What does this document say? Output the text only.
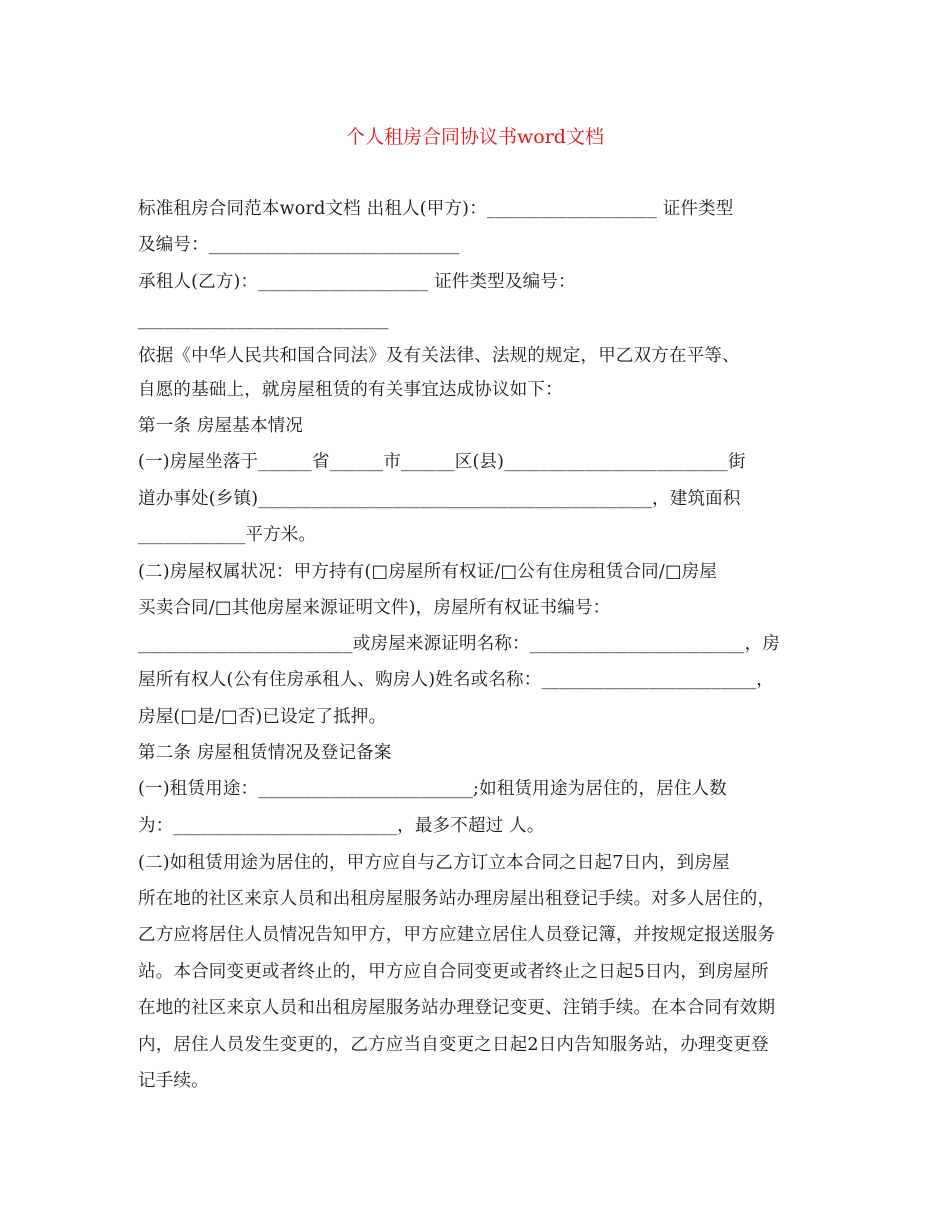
个人租房合同协议书word文档
标准租房合同范本word文档 出租人(甲方)：___________________ 证件类型
及编号：____________________________
承租人(乙方)：___________________ 证件类型及编号：
____________________________
依据《中华人民共和国合同法》及有关法律、法规的规定，甲乙双方在平等、
自愿的基础上，就房屋租赁的有关事宜达成协议如下：
第一条 房屋基本情况
(一)房屋坐落于______省______市______区(县)_________________________街
道办事处(乡镇)____________________________________________，建筑面积
____________平方米。
(二)房屋权属状况：甲方持有(□房屋所有权证/□公有住房租赁合同/□房屋
买卖合同/□其他房屋来源证明文件)，房屋所有权证书编号：
________________________或房屋来源证明名称：________________________，房
屋所有权人(公有住房承租人、购房人)姓名或名称：________________________，
房屋(□是/□否)已设定了抵押。
第二条 房屋租赁情况及登记备案
(一)租赁用途：________________________;如租赁用途为居住的，居住人数
为：_________________________，最多不超过 人。
(二)如租赁用途为居住的，甲方应自与乙方订立本合同之日起7日内，到房屋
所在地的社区来京人员和出租房屋服务站办理房屋出租登记手续。对多人居住的，
乙方应将居住人员情况告知甲方，甲方应建立居住人员登记簿，并按规定报送服务
站。本合同变更或者终止的，甲方应自合同变更或者终止之日起5日内，到房屋所
在地的社区来京人员和出租房屋服务站办理登记变更、注销手续。在本合同有效期
内，居住人员发生变更的，乙方应当自变更之日起2日内告知服务站，办理变更登
记手续。
